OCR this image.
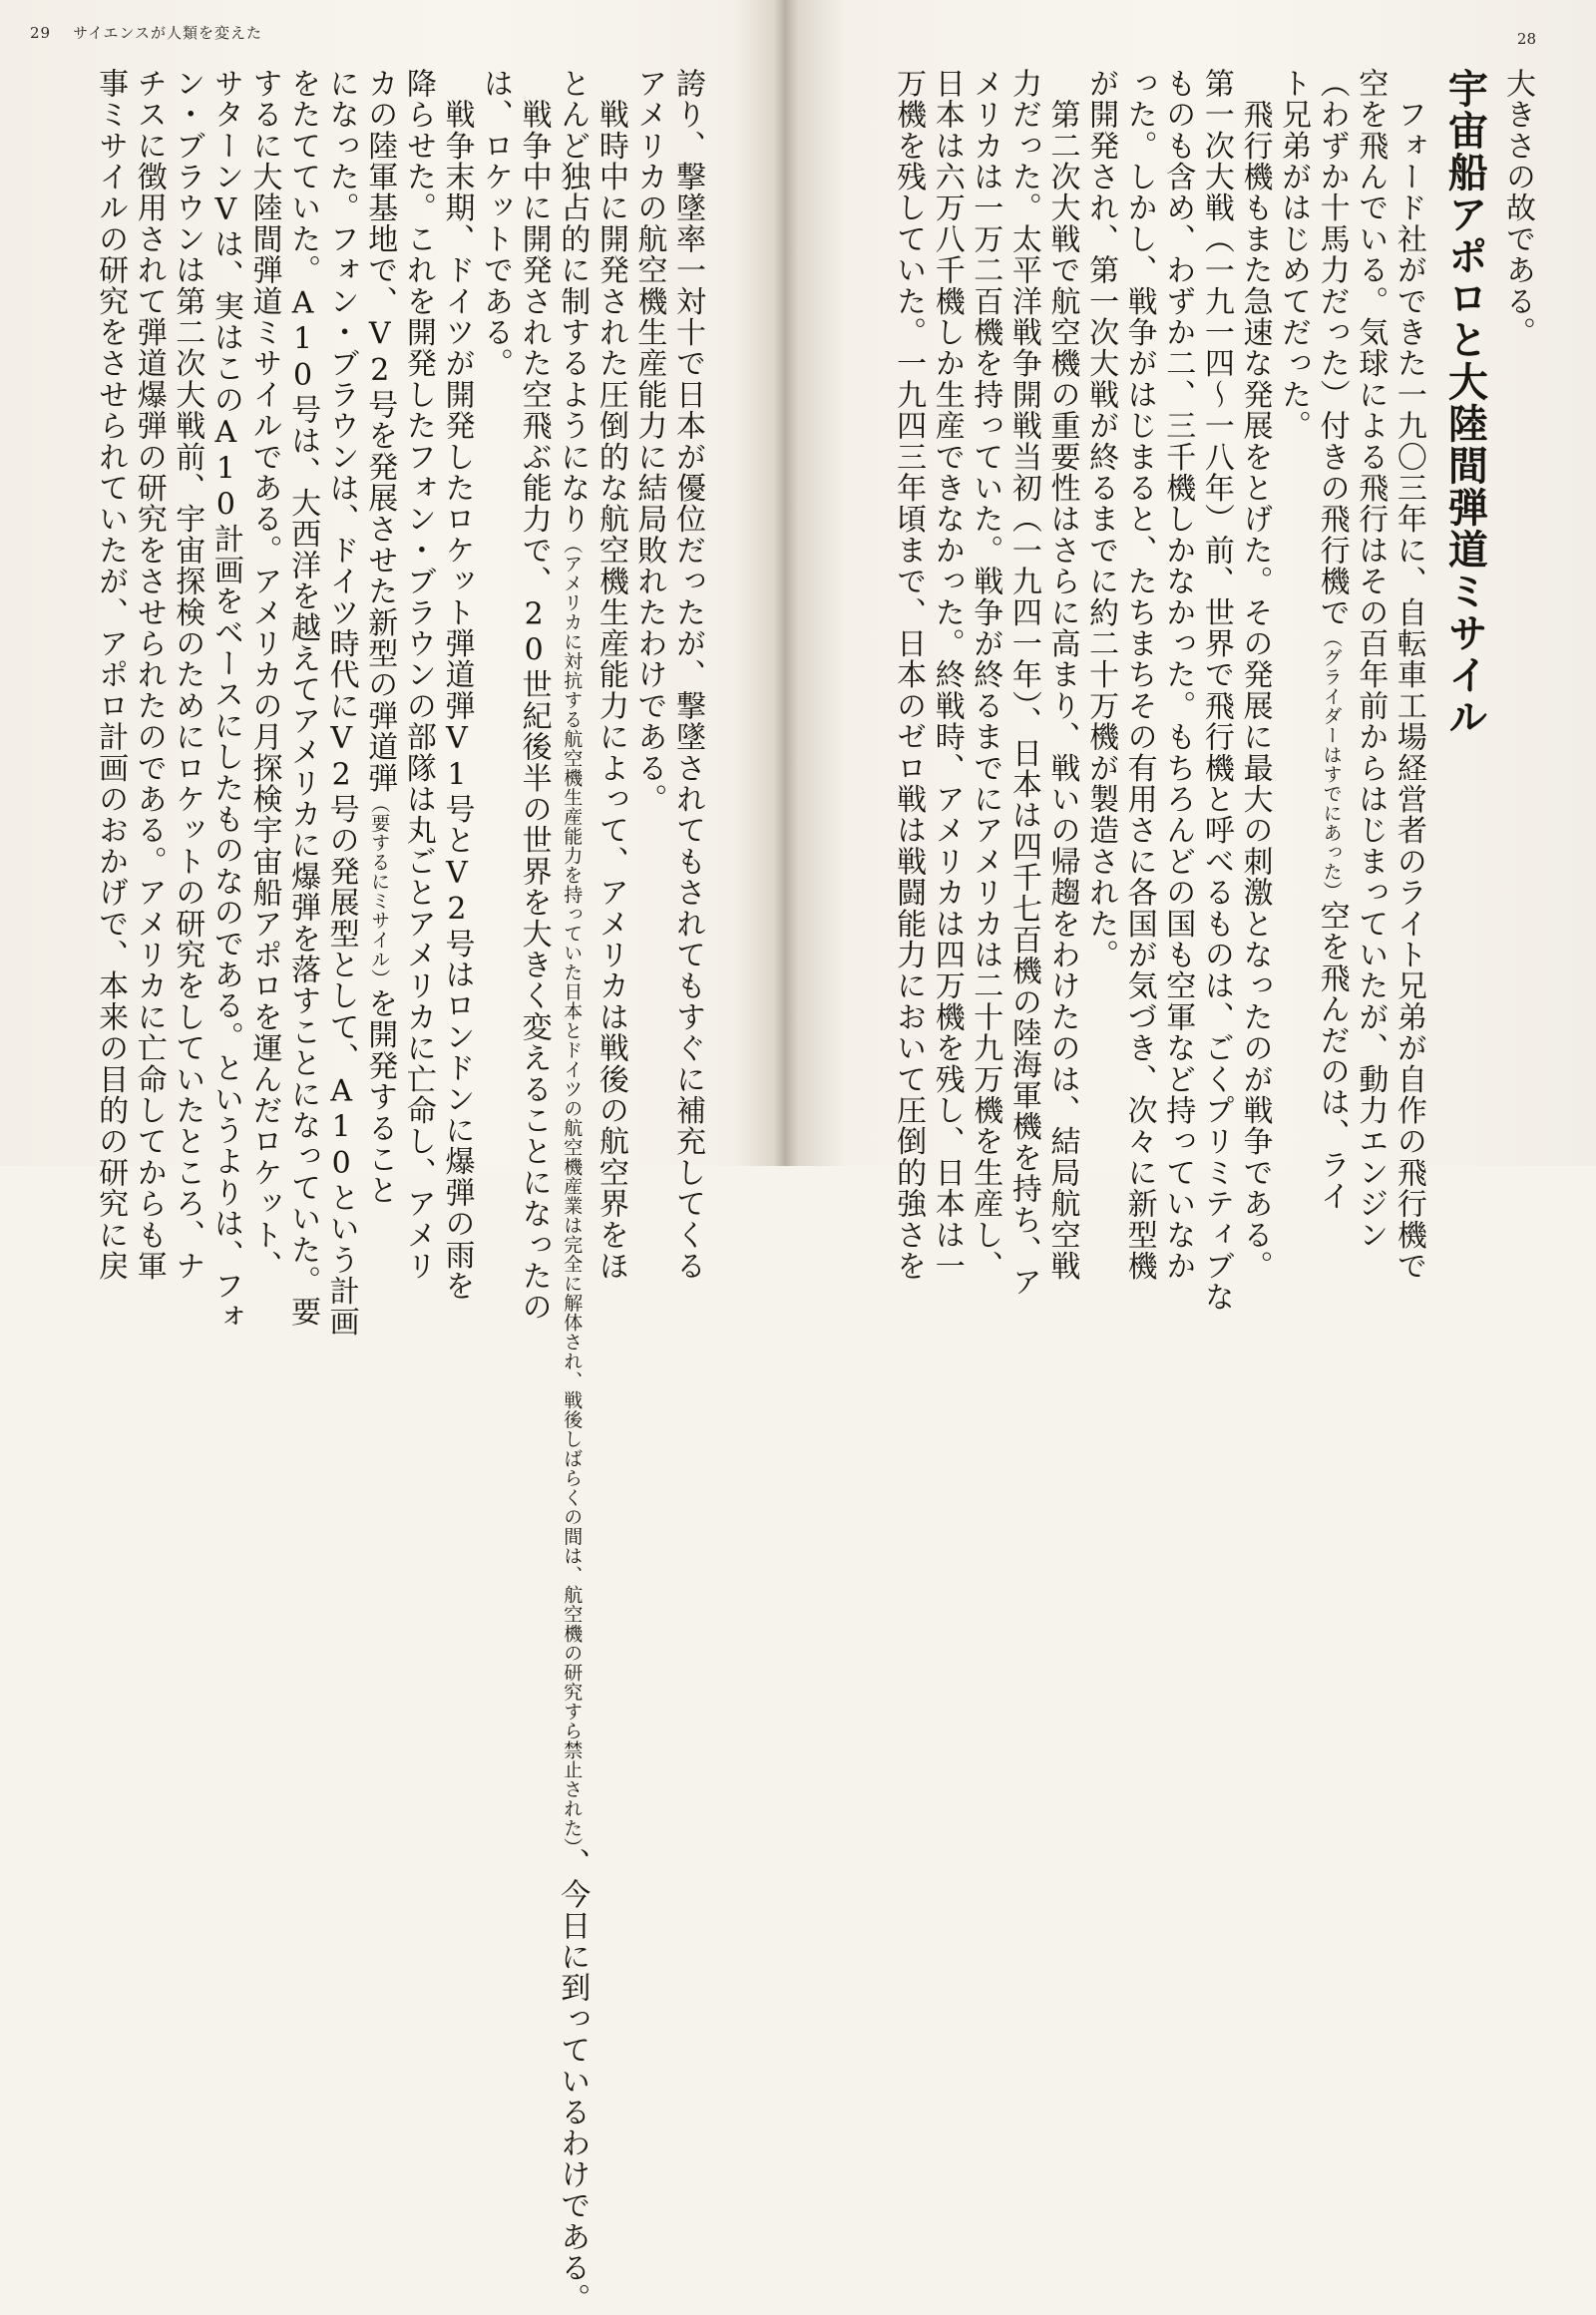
29 サイエンスが人類を変えた

誇り、撃墜率一対十で日本が優位だったが、撃墜されてもされてもすぐに補充してくる

アメリカの航空機生産能力に結局敗れたわけである。

　戦時中に開発された圧倒的な航空機生産能力によって、アメリカは戦後の航空界をほ

とんど独占的に制するようになり（アメリカに対抗する航空機生産能力を持っていた日本とドイツの航空機産業は完全に解体され、戦後しばらくの間は、航空機の研究すら禁止された）、今日に到っているわけである。

　戦争中に開発された空飛ぶ能力で、20世紀後半の世界を大きく変えることになったの

は、ロケットである。

　戦争末期、ドイツが開発したロケット弾道弾V1号とV2号はロンドンに爆弾の雨を

降らせた。これを開発したフォン・ブラウンの部隊は丸ごとアメリカに亡命し、アメリ

カの陸軍基地で、V2号を発展させた新型の弾道弾（要するにミサイル）を開発すること

になった。フォン・ブラウンは、ドイツ時代にV2号の発展型として、A10という計画

をたてていた。A10号は、大西洋を越えてアメリカに爆弾を落すことになっていた。要

するに大陸間弾道ミサイルである。アメリカの月探検宇宙船アポロを運んだロケット、

サターンVは、実はこのA10計画をベースにしたものなのである。というよりは、フォ

ン・ブラウンは第二次大戦前、宇宙探検のためにロケットの研究をしていたところ、ナ

チスに徴用されて弾道爆弾の研究をさせられたのである。アメリカに亡命してからも軍

事ミサイルの研究をさせられていたが、アポロ計画のおかげで、本来の目的の研究に戻

28

大きさの故である。

宇宙船アポロと大陸間弾道ミサイル

　フォード社ができた一九〇三年に、自転車工場経営者のライト兄弟が自作の飛行機で

空を飛んでいる。気球による飛行はその百年前からはじまっていたが、動力エンジン

（わずか十馬力だった）付きの飛行機で（グライダーはすでにあった）空を飛んだのは、ライ

ト兄弟がはじめてだった。

　飛行機もまた急速な発展をとげた。その発展に最大の刺激となったのが戦争である。

第一次大戦（一九一四〜一八年）前、世界で飛行機と呼べるものは、ごくプリミティブな

ものも含め、わずか二、三千機しかなかった。もちろんどの国も空軍など持っていなか

った。しかし、戦争がはじまると、たちまちその有用さに各国が気づき、次々に新型機

が開発され、第一次大戦が終るまでに約二十万機が製造された。

　第二次大戦で航空機の重要性はさらに高まり、戦いの帰趨をわけたのは、結局航空戦

力だった。太平洋戦争開戦当初（一九四一年）、日本は四千七百機の陸海軍機を持ち、ア

メリカは一万二百機を持っていた。戦争が終るまでにアメリカは二十九万機を生産し、

日本は六万八千機しか生産できなかった。終戦時、アメリカは四万機を残し、日本は一

万機を残していた。一九四三年頃まで、日本のゼロ戦は戦闘能力において圧倒的強さを
